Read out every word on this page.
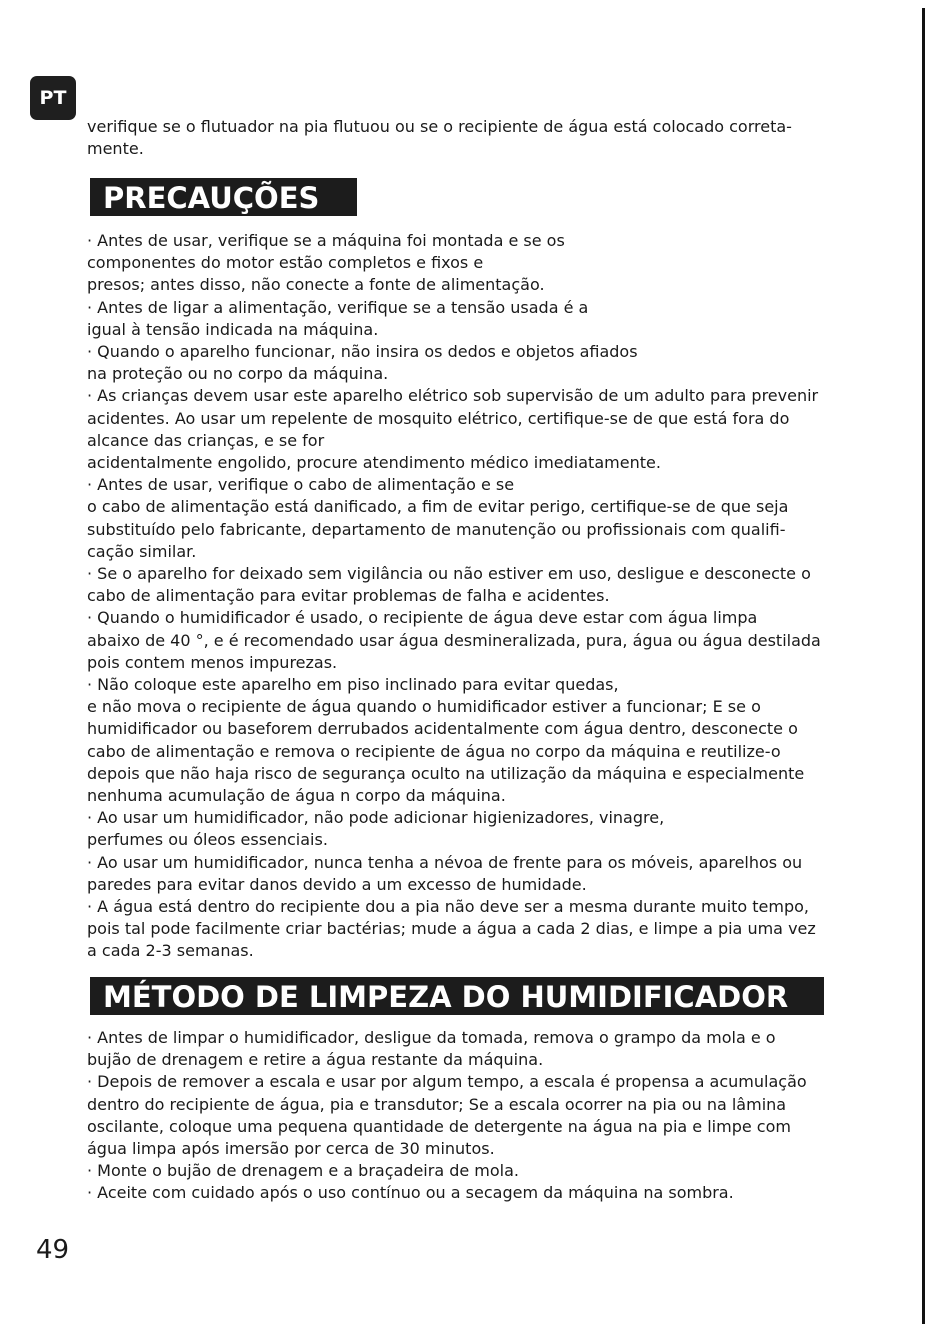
PT
verifique se o flutuador na pia flutuou ou se o recipiente de água está colocado correta-
mente.
PRECAUÇÕES
· Antes de usar, verifique se a máquina foi montada e se os
componentes do motor estão completos e fixos e
presos; antes disso, não conecte a fonte de alimentação.
· Antes de ligar a alimentação, verifique se a tensão usada é a
igual à tensão indicada na máquina.
· Quando o aparelho funcionar, não insira os dedos e objetos afiados
na proteção ou no corpo da máquina.
· As crianças devem usar este aparelho elétrico sob supervisão de um adulto para prevenir
acidentes. Ao usar um repelente de mosquito elétrico, certifique-se de que está fora do
alcance das crianças, e se for
acidentalmente engolido, procure atendimento médico imediatamente.
· Antes de usar, verifique o cabo de alimentação e se
o cabo de alimentação está danificado, a fim de evitar perigo, certifique-se de que seja
substituído pelo fabricante, departamento de manutenção ou profissionais com qualifi-
cação similar.
· Se o aparelho for deixado sem vigilância ou não estiver em uso, desligue e desconecte o
cabo de alimentação para evitar problemas de falha e acidentes.
· Quando o humidificador é usado, o recipiente de água deve estar com água limpa
abaixo de 40 °, e é recomendado usar água desmineralizada, pura, água ou água destilada
pois contem menos impurezas.
· Não coloque este aparelho em piso inclinado para evitar quedas,
e não mova o recipiente de água quando o humidificador estiver a funcionar; E se o
humidificador ou baseforem derrubados acidentalmente com água dentro, desconecte o
cabo de alimentação e remova o recipiente de água no corpo da máquina e reutilize-o
depois que não haja risco de segurança oculto na utilização da máquina e especialmente
nenhuma acumulação de água n corpo da máquina.
· Ao usar um humidificador, não pode adicionar higienizadores, vinagre,
perfumes ou óleos essenciais.
· Ao usar um humidificador, nunca tenha a névoa de frente para os móveis, aparelhos ou
paredes para evitar danos devido a um excesso de humidade.
· A água está dentro do recipiente dou a pia não deve ser a mesma durante muito tempo,
pois tal pode facilmente criar bactérias; mude a água a cada 2 dias, e limpe a pia uma vez
a cada 2-3 semanas.
MÉTODO DE LIMPEZA DO HUMIDIFICADOR
· Antes de limpar o humidificador, desligue da tomada, remova o grampo da mola e o
bujão de drenagem e retire a água restante da máquina.
· Depois de remover a escala e usar por algum tempo, a escala é propensa a acumulação
dentro do recipiente de água, pia e transdutor; Se a escala ocorrer na pia ou na lâmina
oscilante, coloque uma pequena quantidade de detergente na água na pia e limpe com
água limpa após imersão por cerca de 30 minutos.
· Monte o bujão de drenagem e a braçadeira de mola.
· Aceite com cuidado após o uso contínuo ou a secagem da máquina na sombra.
49
